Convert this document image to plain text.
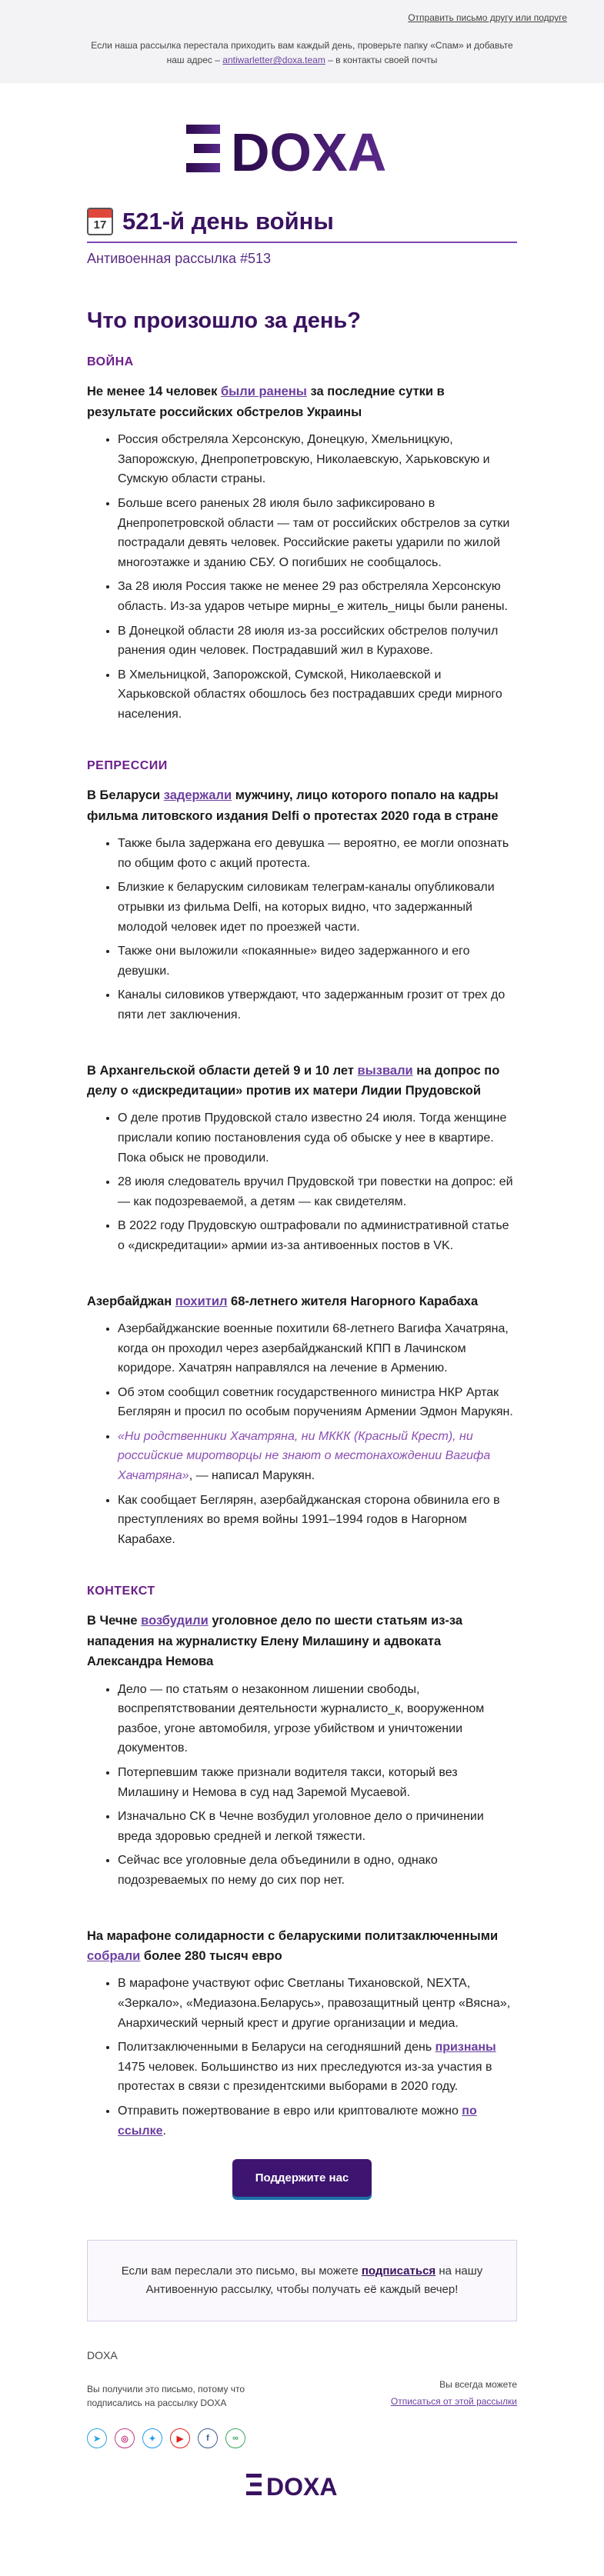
Отправить письмо другу или подруге
Если наша рассылка перестала приходить вам каждый день, проверьте папку «Спам» и добавьте наш адрес – antiwarletter@doxa.team – в контакты своей почты
DOXA
17 521-й день войны
Антивоенная рассылка #513
Что произошло за день?
ВОЙНА
Не менее 14 человек были ранены за последние сутки в результате российских обстрелов Украины
• Россия обстреляла Херсонскую, Донецкую, Хмельницкую, Запорожскую, Днепропетровскую, Николаевскую, Харьковскую и Сумскую области страны.
• Больше всего раненых 28 июля было зафиксировано в Днепропетровской области — там от российских обстрелов за сутки пострадали девять человек. Российские ракеты ударили по жилой многоэтажке и зданию СБУ. О погибших не сообщалось.
• За 28 июля Россия также не менее 29 раз обстреляла Херсонскую область. Из-за ударов четыре мирны_е житель_ницы были ранены.
• В Донецкой области 28 июля из-за российских обстрелов получил ранения один человек. Пострадавший жил в Курахове.
• В Хмельницкой, Запорожской, Сумской, Николаевской и Харьковской областях обошлось без пострадавших среди мирного населения.
РЕПРЕССИИ
В Беларуси задержали мужчину, лицо которого попало на кадры фильма литовского издания Delfi о протестах 2020 года в стране
• Также была задержана его девушка — вероятно, ее могли опознать по общим фото с акций протеста.
• Близкие к беларуским силовикам телеграм-каналы опубликовали отрывки из фильма Delfi, на которых видно, что задержанный молодой человек идет по проезжей части.
• Также они выложили «покаянные» видео задержанного и его девушки.
• Каналы силовиков утверждают, что задержанным грозит от трех до пяти лет заключения.
В Архангельской области детей 9 и 10 лет вызвали на допрос по делу о «дискредитации» против их матери Лидии Прудовской
• О деле против Прудовской стало известно 24 июля. Тогда женщине прислали копию постановления суда об обыске у нее в квартире. Пока обыск не проводили.
• 28 июля следователь вручил Прудовской три повестки на допрос: ей — как подозреваемой, а детям — как свидетелям.
• В 2022 году Прудовскую оштрафовали по административной статье о «дискредитации» армии из-за антивоенных постов в VK.
Азербайджан похитил 68-летнего жителя Нагорного Карабаха
• Азербайджанские военные похитили 68-летнего Вагифа Хачатряна, когда он проходил через азербайджанский КПП в Лачинском коридоре. Хачатрян направлялся на лечение в Армению.
• Об этом сообщил советник государственного министра НКР Артак Беглярян и просил по особым поручениям Армении Эдмон Марукян.
• «Ни родственники Хачатряна, ни МККК (Красный Крест), ни российские миротворцы не знают о местонахождении Вагифа Хачатряна», — написал Марукян.
• Как сообщает Беглярян, азербайджанская сторона обвинила его в преступлениях во время войны 1991–1994 годов в Нагорном Карабахе.
КОНТЕКСТ
В Чечне возбудили уголовное дело по шести статьям из-за нападения на журналистку Елену Милашину и адвоката Александра Немова
• Дело — по статьям о незаконном лишении свободы, воспрепятствовании деятельности журналисто_к, вооруженном разбое, угоне автомобиля, угрозе убийством и уничтожении документов.
• Потерпевшим также признали водителя такси, который вез Милашину и Немова в суд над Заремой Мусаевой.
• Изначально СК в Чечне возбудил уголовное дело о причинении вреда здоровью средней и легкой тяжести.
• Сейчас все уголовные дела объединили в одно, однако подозреваемых по нему до сих пор нет.
На марафоне солидарности с беларускими политзаключенными собрали более 280 тысяч евро
• В марафоне участвуют офис Светланы Тихановской, NEXTA, «Зеркало», «Медиазона.Беларусь», правозащитный центр «Вясна», Анархический черный крест и другие организации и медиа.
• Политзаключенными в Беларуси на сегодняшний день признаны 1475 человек. Большинство из них преследуются из-за участия в протестах в связи с президентскими выборами в 2020 году.
• Отправить пожертвование в евро или криптовалюте можно по ссылке.
Поддержите нас
Если вам переслали это письмо, вы можете подписаться на нашу Антивоенную рассылку, чтобы получать её каждый вечер!
DOXA
Вы получили это письмо, потому что подписались на рассылку DOXA
Вы всегда можете
Отписаться от этой рассылки
➤	◎	✦	▶	f	∞
DOXA
